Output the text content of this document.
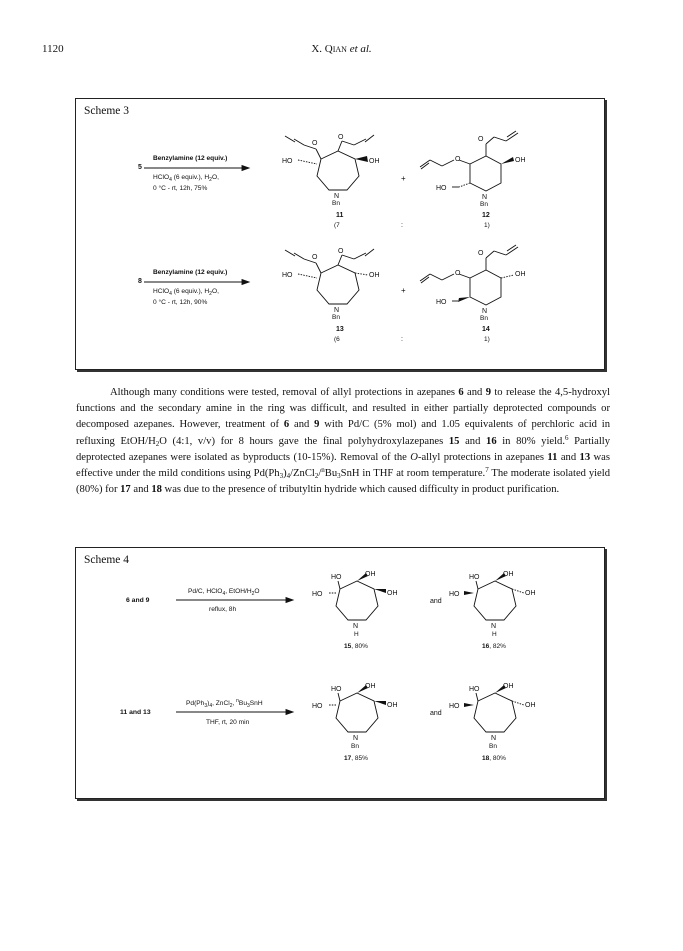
1120	X. Qian et al.
Scheme 3
5
Benzylamine (12 equiv.)
HClO$_4$ (6 equiv.), $H_2O$,
0 °C - rt, 12h, 75%
O
O
HO	OH
N
Bn
11
(7
+
:
O
O	OH
HO
N
Bn
12
1)
8
Benzylamine (12 equiv.)
HClO$_4$ (6 equiv.), $H_2O$,
0 °C - rt, 12h, 90%
O
O
HO	OH
N
Bn
13
(6
+
:
O
O	OH
HO
N
Bn
14
1)

Although many conditions were tested, removal of allyl protections in azepanes 6 and 9 to release the 4,5-hydroxyl functions and the secondary amine in the ring was difficult, and resulted in either partially deprotected compounds or decomposed azepanes. However, treatment of 6 and 9 with Pd/C (5% mol) and 1.05 equivalents of perchloric acid in refluxing EtOH/$H_2O$ (4:1, v/v) for 8 hours gave the final polyhydroxylazepanes 15 and 16 in 80% yield.$^6$ Partially deprotected azepanes were isolated as byproducts (10-15%). Removal of the O-allyl protections in azepanes 11 and 13 was effective under the mild conditions using $Pd(Ph_3)_4/ZnCl_2/^nBu_3SnH$ in THF at room temperature.$^7$ The moderate isolated yield (80%) for 17 and 18 was due to the presence of tributyltin hydride which caused difficulty in product purification.

Scheme 4
6 and 9
Pd/C, HClO$_4$, EtOH/$H_2O$
reflux, 8h
HO	OH
HO	OH
N
H
15, 80%
and
HO	OH
HO	OH
N
H
16, 82%
11 and 13
$Pd(Ph_3)_4$, ZnCl$_2$, $^nBu_3SnH$
THF, rt, 20 min
HO	OH
HO	OH
N
Bn
17, 85%
and
HO	OH
HO	OH
N
Bn
18, 80%
